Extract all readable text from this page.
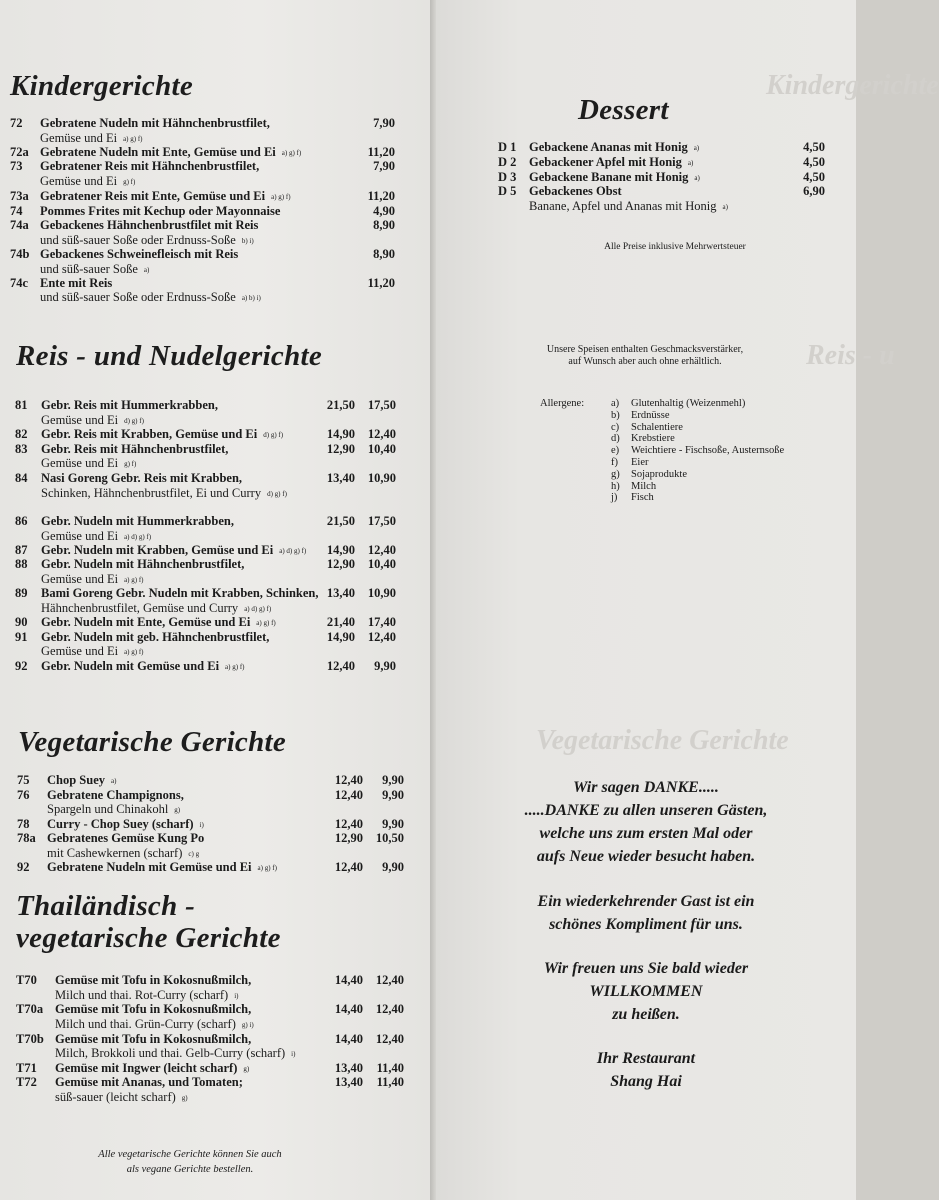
Kindergerichte
Reis - u
Vegetarische Gerichte
Kindergerichte
Reis - und Nudelgerichte
Vegetarische Gerichte
Thailändisch -
vegetarische Gerichte
72 Gebratene Nudeln mit Hähnchenbrustfilet,	7,90
Gemüse und Ei a) g) f)
72a Gebratene Nudeln mit Ente, Gemüse und Ei a) g) f)	11,20
73 Gebratener Reis mit Hähnchenbrustfilet,	7,90
Gemüse und Ei g) f)
73a Gebratener Reis mit Ente, Gemüse und Ei a) g) f)	11,20
74 Pommes Frites mit Kechup oder Mayonnaise	4,90
74a Gebackenes Hähnchenbrustfilet mit Reis	8,90
und süß-sauer Soße oder Erdnuss-Soße b) i)
74b Gebackenes Schweinefleisch mit Reis	8,90
und süß-sauer Soße a)
74c Ente mit Reis	11,20
und süß-sauer Soße oder Erdnuss-Soße a) b) i)
81 Gebr. Reis mit Hummerkrabben,	21,50 17,50
Gemüse und Ei d) g) f)
82 Gebr. Reis mit Krabben, Gemüse und Ei d) g) f)	14,90 12,40
83 Gebr. Reis mit Hähnchenbrustfilet,	12,90 10,40
Gemüse und Ei g) f)
84 Nasi Goreng Gebr. Reis mit Krabben,	13,40 10,90
Schinken, Hähnchenbrustfilet, Ei und Curry d) g) f)
86 Gebr. Nudeln mit Hummerkrabben,	21,50 17,50
Gemüse und Ei a) d) g) f)
87 Gebr. Nudeln mit Krabben, Gemüse und Ei a) d) g) f) 14,90 12,40
88 Gebr. Nudeln mit Hähnchenbrustfilet,	12,90 10,40
Gemüse und Ei a) g) f)
89 Bami Goreng Gebr. Nudeln mit Krabben, Schinken, 13,40 10,90
Hähnchenbrustfilet, Gemüse und Curry a) d) g) f)
90 Gebr. Nudeln mit Ente, Gemüse und Ei a) g) f)	21,40 17,40
91 Gebr. Nudeln mit geb. Hähnchenbrustfilet,	14,90 12,40
Gemüse und Ei a) g) f)
92 Gebr. Nudeln mit Gemüse und Ei a) g) f)	12,40 9,90
75 Chop Suey a)	12,40 9,90
76 Gebratene Champignons,	12,40 9,90
Spargeln und Chinakohl g)
78 Curry - Chop Suey (scharf) i)	12,40 9,90
78a Gebratenes Gemüse Kung Po	12,90 10,50
mit Cashewkernen (scharf) c) g
92 Gebratene Nudeln mit Gemüse und Ei a) g) f)	12,40 9,90
T70 Gemüse mit Tofu in Kokosnußmilch,	14,40 12,40
Milch und thai. Rot-Curry (scharf) i)
T70a Gemüse mit Tofu in Kokosnußmilch,	14,40 12,40
Milch und thai. Grün-Curry (scharf) g) i)
T70b Gemüse mit Tofu in Kokosnußmilch,	14,40 12,40
Milch, Brokkoli und thai. Gelb-Curry (scharf) i)
T71 Gemüse mit Ingwer (leicht scharf) g)	13,40 11,40
T72 Gemüse mit Ananas, und Tomaten;	13,40 11,40
süß-sauer (leicht scharf) g)
Dessert
D 1 Gebackene Ananas mit Honig a)	4,50
D 2 Gebackener Apfel mit Honig a)	4,50
D 3 Gebackene Banane mit Honig a)	4,50
D 5 Gebackenes Obst	6,90
Banane, Apfel und Ananas mit Honig a)
Alle Preise inklusive Mehrwertsteuer
Unsere Speisen enthalten Geschmacksverstärker,
auf Wunsch aber auch ohne erhältlich.
Allergene:	a) Glutenhaltig (Weizenmehl)
b) Erdnüsse
c) Schalentiere
d) Krebstiere
e) Weichtiere - Fischsoße, Austernsoße
f) Eier
g) Sojaprodukte
h) Milch
j) Fisch
Wir sagen DANKE.....
.....DANKE zu allen unseren Gästen,
welche uns zum ersten Mal oder
aufs Neue wieder besucht haben.
Ein wiederkehrender Gast ist ein
schönes Kompliment für uns.
Wir freuen uns Sie bald wieder
WILLKOMMEN
zu heißen.
Ihr Restaurant
Shang Hai
Alle vegetarische Gerichte können Sie auch
als vegane Gerichte bestellen.
